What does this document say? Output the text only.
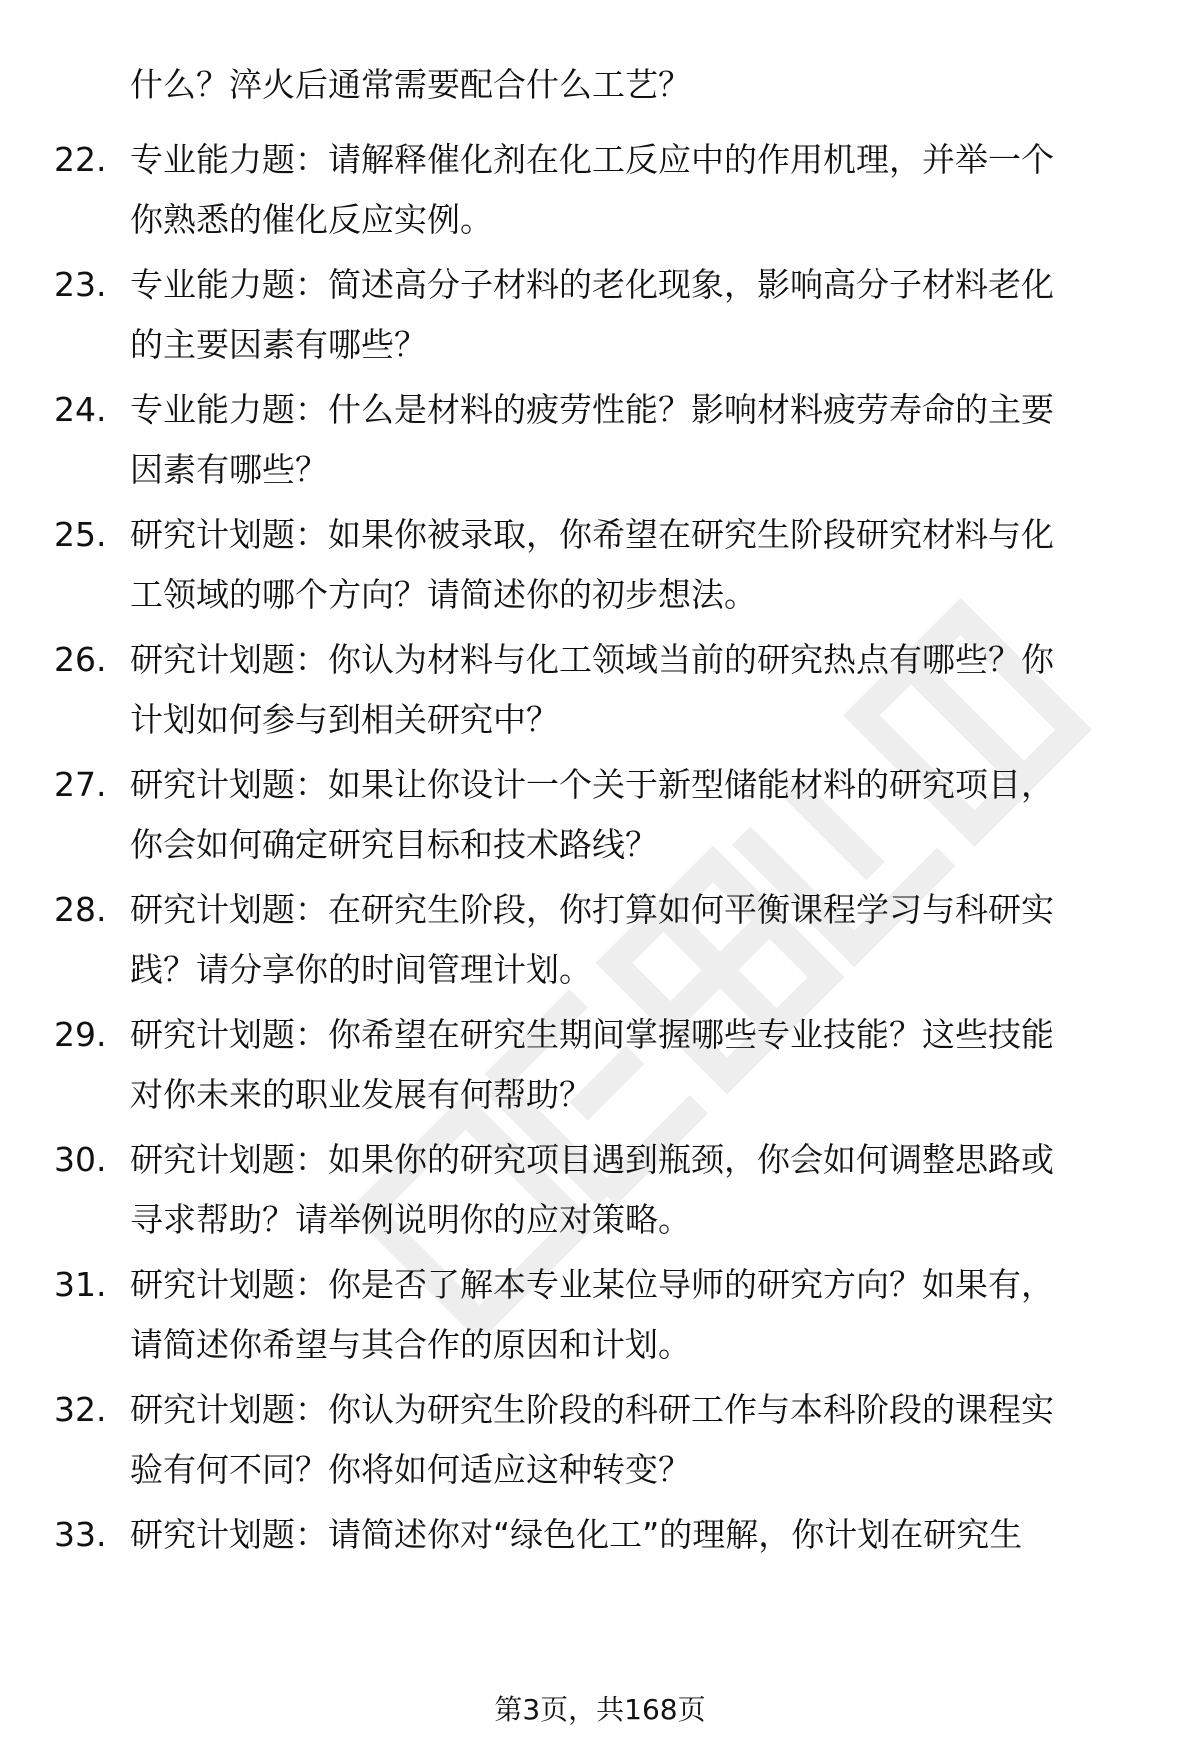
什么？淬火后通常需要配合什么工艺？
22. 专业能力题：请解释催化剂在化工反应中的作用机理，并举一个
你熟悉的催化反应实例。
23. 专业能力题：简述高分子材料的老化现象，影响高分子材料老化
的主要因素有哪些？
24. 专业能力题：什么是材料的疲劳性能？影响材料疲劳寿命的主要
因素有哪些？
25. 研究计划题：如果你被录取，你希望在研究生阶段研究材料与化
工领域的哪个方向？请简述你的初步想法。
26. 研究计划题：你认为材料与化工领域当前的研究热点有哪些？你
计划如何参与到相关研究中？
27. 研究计划题：如果让你设计一个关于新型储能材料的研究项目，
你会如何确定研究目标和技术路线？
28. 研究计划题：在研究生阶段，你打算如何平衡课程学习与科研实
践？请分享你的时间管理计划。
29. 研究计划题：你希望在研究生期间掌握哪些专业技能？这些技能
对你未来的职业发展有何帮助？
30. 研究计划题：如果你的研究项目遇到瓶颈，你会如何调整思路或
寻求帮助？请举例说明你的应对策略。
31. 研究计划题：你是否了解本专业某位导师的研究方向？如果有，
请简述你希望与其合作的原因和计划。
32. 研究计划题：你认为研究生阶段的科研工作与本科阶段的课程实
验有何不同？你将如何适应这种转变？
33. 研究计划题：请简述你对“绿色化工”的理解，你计划在研究生
第3页，共168页
